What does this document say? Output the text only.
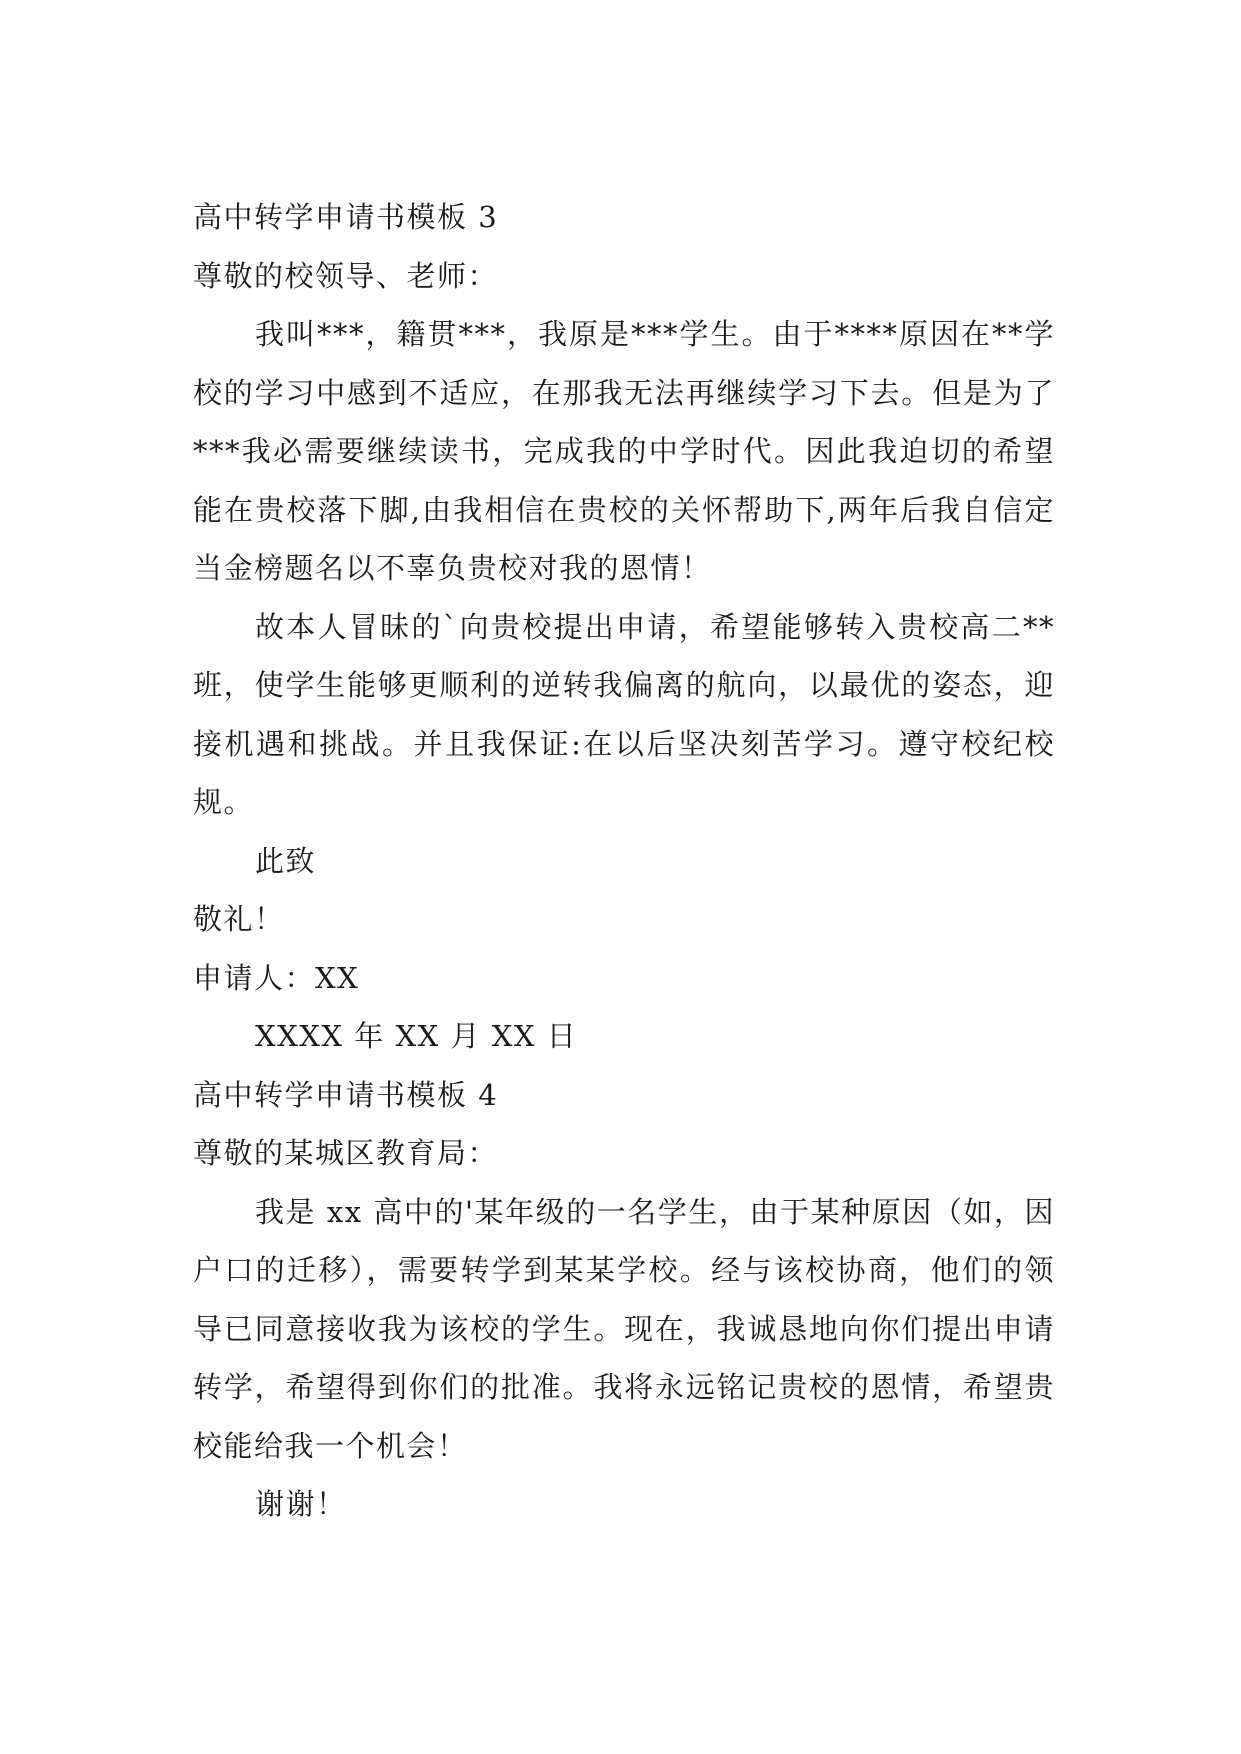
高中转学申请书模板 3

尊敬的校领导、老师：

我叫***，籍贯***，我原是***学生。由于****原因在**学校的学习中感到不适应，在那我无法再继续学习下去。但是为了***我必需要继续读书，完成我的中学时代。因此我迫切的希望能在贵校落下脚,由我相信在贵校的关怀帮助下,两年后我自信定当金榜题名以不辜负贵校对我的恩情！

故本人冒昧的`向贵校提出申请，希望能够转入贵校高二**班，使学生能够更顺利的逆转我偏离的航向，以最优的姿态，迎接机遇和挑战。并且我保证:在以后坚决刻苦学习。遵守校纪校规。

此致

敬礼！

申请人：XX

XXXX 年 XX 月 XX 日

高中转学申请书模板 4

尊敬的某城区教育局：

我是 xx 高中的'某年级的一名学生，由于某种原因（如，因户口的迁移），需要转学到某某学校。经与该校协商，他们的领导已同意接收我为该校的学生。现在，我诚恳地向你们提出申请转学，希望得到你们的批准。我将永远铭记贵校的恩情，希望贵校能给我一个机会！

谢谢！
